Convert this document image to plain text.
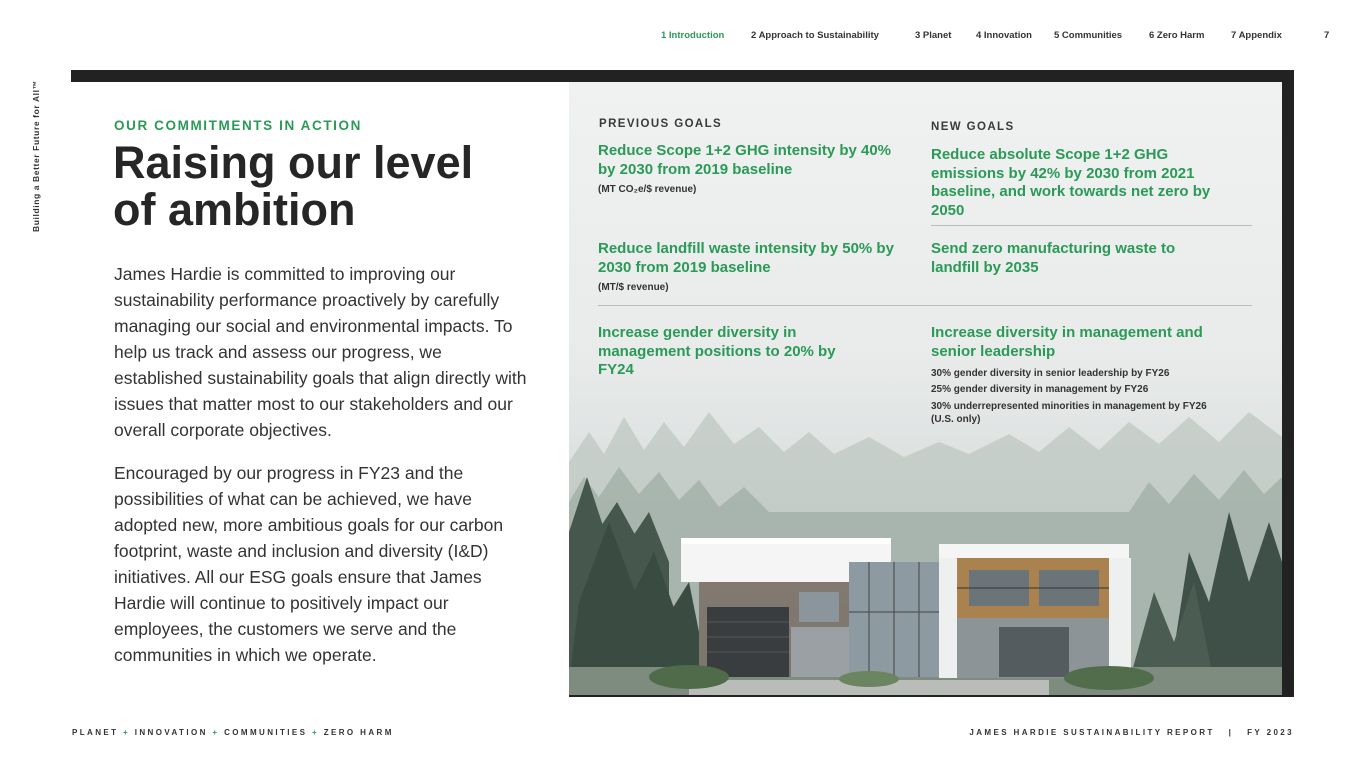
1 Introduction	2 Approach to Sustainability	3 Planet	4 Innovation 5 Communities	6 Zero Harm	7 Appendix	7
Building a Better Future for All™	OUR COMMITMENTS IN ACTION
Raising our level
of ambition

James Hardie is committed to improving our sustainability performance proactively by carefully managing our social and environmental impacts. To help us track and assess our progress, we established sustainability goals that align directly with issues that matter most to our stakeholders and our overall corporate objectives.

Encouraged by our progress in FY23 and the possibilities of what can be achieved, we have adopted new, more ambitious goals for our carbon footprint, waste and inclusion and diversity (I&D) initiatives. All our ESG goals ensure that James Hardie will continue to positively impact our employees, the customers we serve and the communities in which we operate.

PREVIOUS GOALS	NEW GOALS
Reduce Scope 1+2 GHG intensity by 40% by 2030 from 2019 baseline
(MT CO₂e/$ revenue)
Reduce absolute Scope 1+2 GHG emissions by 42% by 2030 from 2021 baseline, and work towards net zero by 2050
Reduce landfill waste intensity by 50% by 2030 from 2019 baseline
(MT/$ revenue)
Send zero manufacturing waste to landfill by 2035
Increase gender diversity in management positions to 20% by FY24
Increase diversity in management and senior leadership
30% gender diversity in senior leadership by FY26
25% gender diversity in management by FY26
30% underrepresented minorities in management by FY26 (U.S. only)
PLANET + INNOVATION + COMMUNITIES + ZERO HARM	JAMES HARDIE SUSTAINABILITY REPORT | FY 2023
